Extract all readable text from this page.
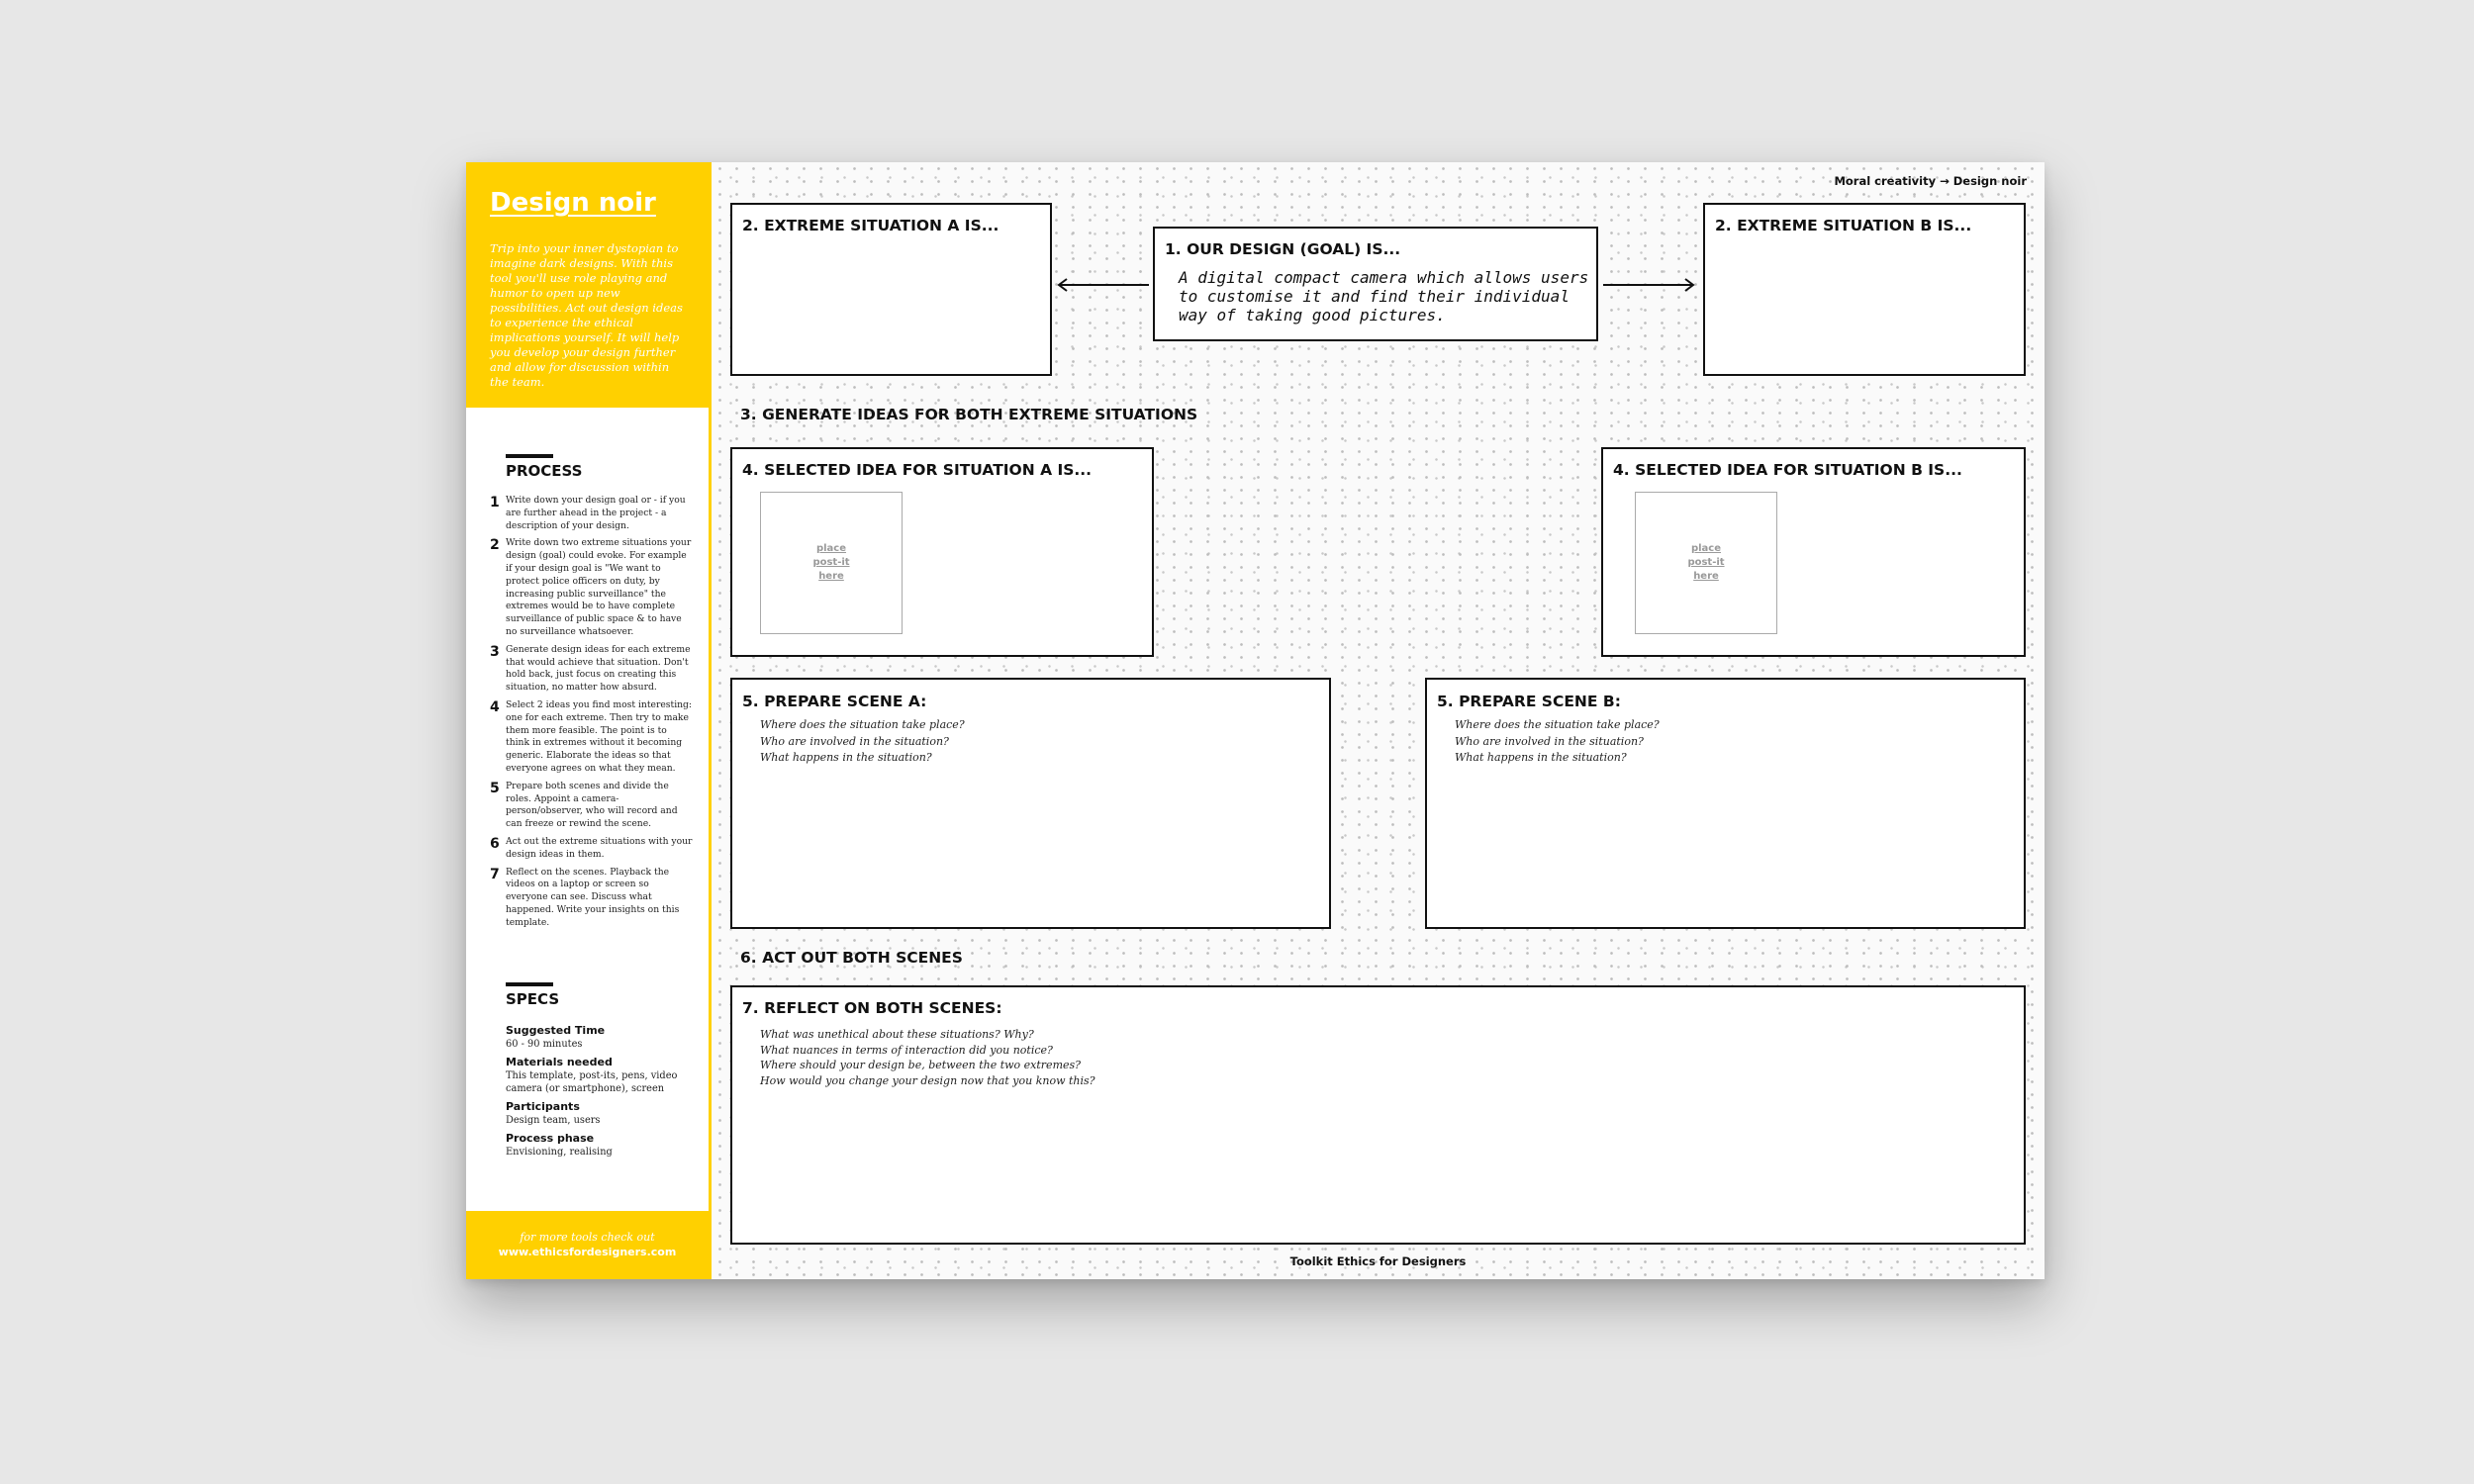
Design noir

Trip into your inner dystopian to imagine dark designs. With this tool you'll use role playing and humor to open up new possibilities. Act out design ideas to experience the ethical implications yourself. It will help you develop your design further and allow for discussion within the team.

PROCESS
1 Write down your design goal or - if you are further ahead in the project - a description of your design.
2 Write down two extreme situations your design (goal) could evoke. For example if your design goal is "We want to protect police officers on duty, by increasing public surveillance" the extremes would be to have complete surveillance of public space & to have no surveillance whatsoever.
3 Generate design ideas for each extreme that would achieve that situation. Don't hold back, just focus on creating this situation, no matter how absurd.
4 Select 2 ideas you find most interesting: one for each extreme. Then try to make them more feasible. The point is to think in extremes without it becoming generic. Elaborate the ideas so that everyone agrees on what they mean.
5 Prepare both scenes and divide the roles. Appoint a camera-person/observer, who will record and can freeze or rewind the scene.
6 Act out the extreme situations with your design ideas in them.
7 Reflect on the scenes. Playback the videos on a laptop or screen so everyone can see. Discuss what happened. Write your insights on this template.
SPECS
Suggested Time
60 - 90 minutes
Materials needed
This template, post-its, pens, video camera (or smartphone), screen
Participants
Design team, users
Process phase
Envisioning, realising
for more tools check out
www.ethicsfordesigners.com
Moral creativity → Design noir
2. EXTREME SITUATION A IS...
1. OUR DESIGN (GOAL) IS...
A digital compact camera which allows users to customise it and find their individual way of taking good pictures.
2. EXTREME SITUATION B IS...
3. GENERATE IDEAS FOR BOTH EXTREME SITUATIONS
4. SELECTED IDEA FOR SITUATION A IS...
place
post-it
here
4. SELECTED IDEA FOR SITUATION B IS...
place
post-it
here
5. PREPARE SCENE A:
Where does the situation take place?
Who are involved in the situation?
What happens in the situation?
5. PREPARE SCENE B:
Where does the situation take place?
Who are involved in the situation?
What happens in the situation?
6. ACT OUT BOTH SCENES
7. REFLECT ON BOTH SCENES:
What was unethical about these situations? Why?
What nuances in terms of interaction did you notice?
Where should your design be, between the two extremes?
How would you change your design now that you know this?
Toolkit Ethics for Designers
